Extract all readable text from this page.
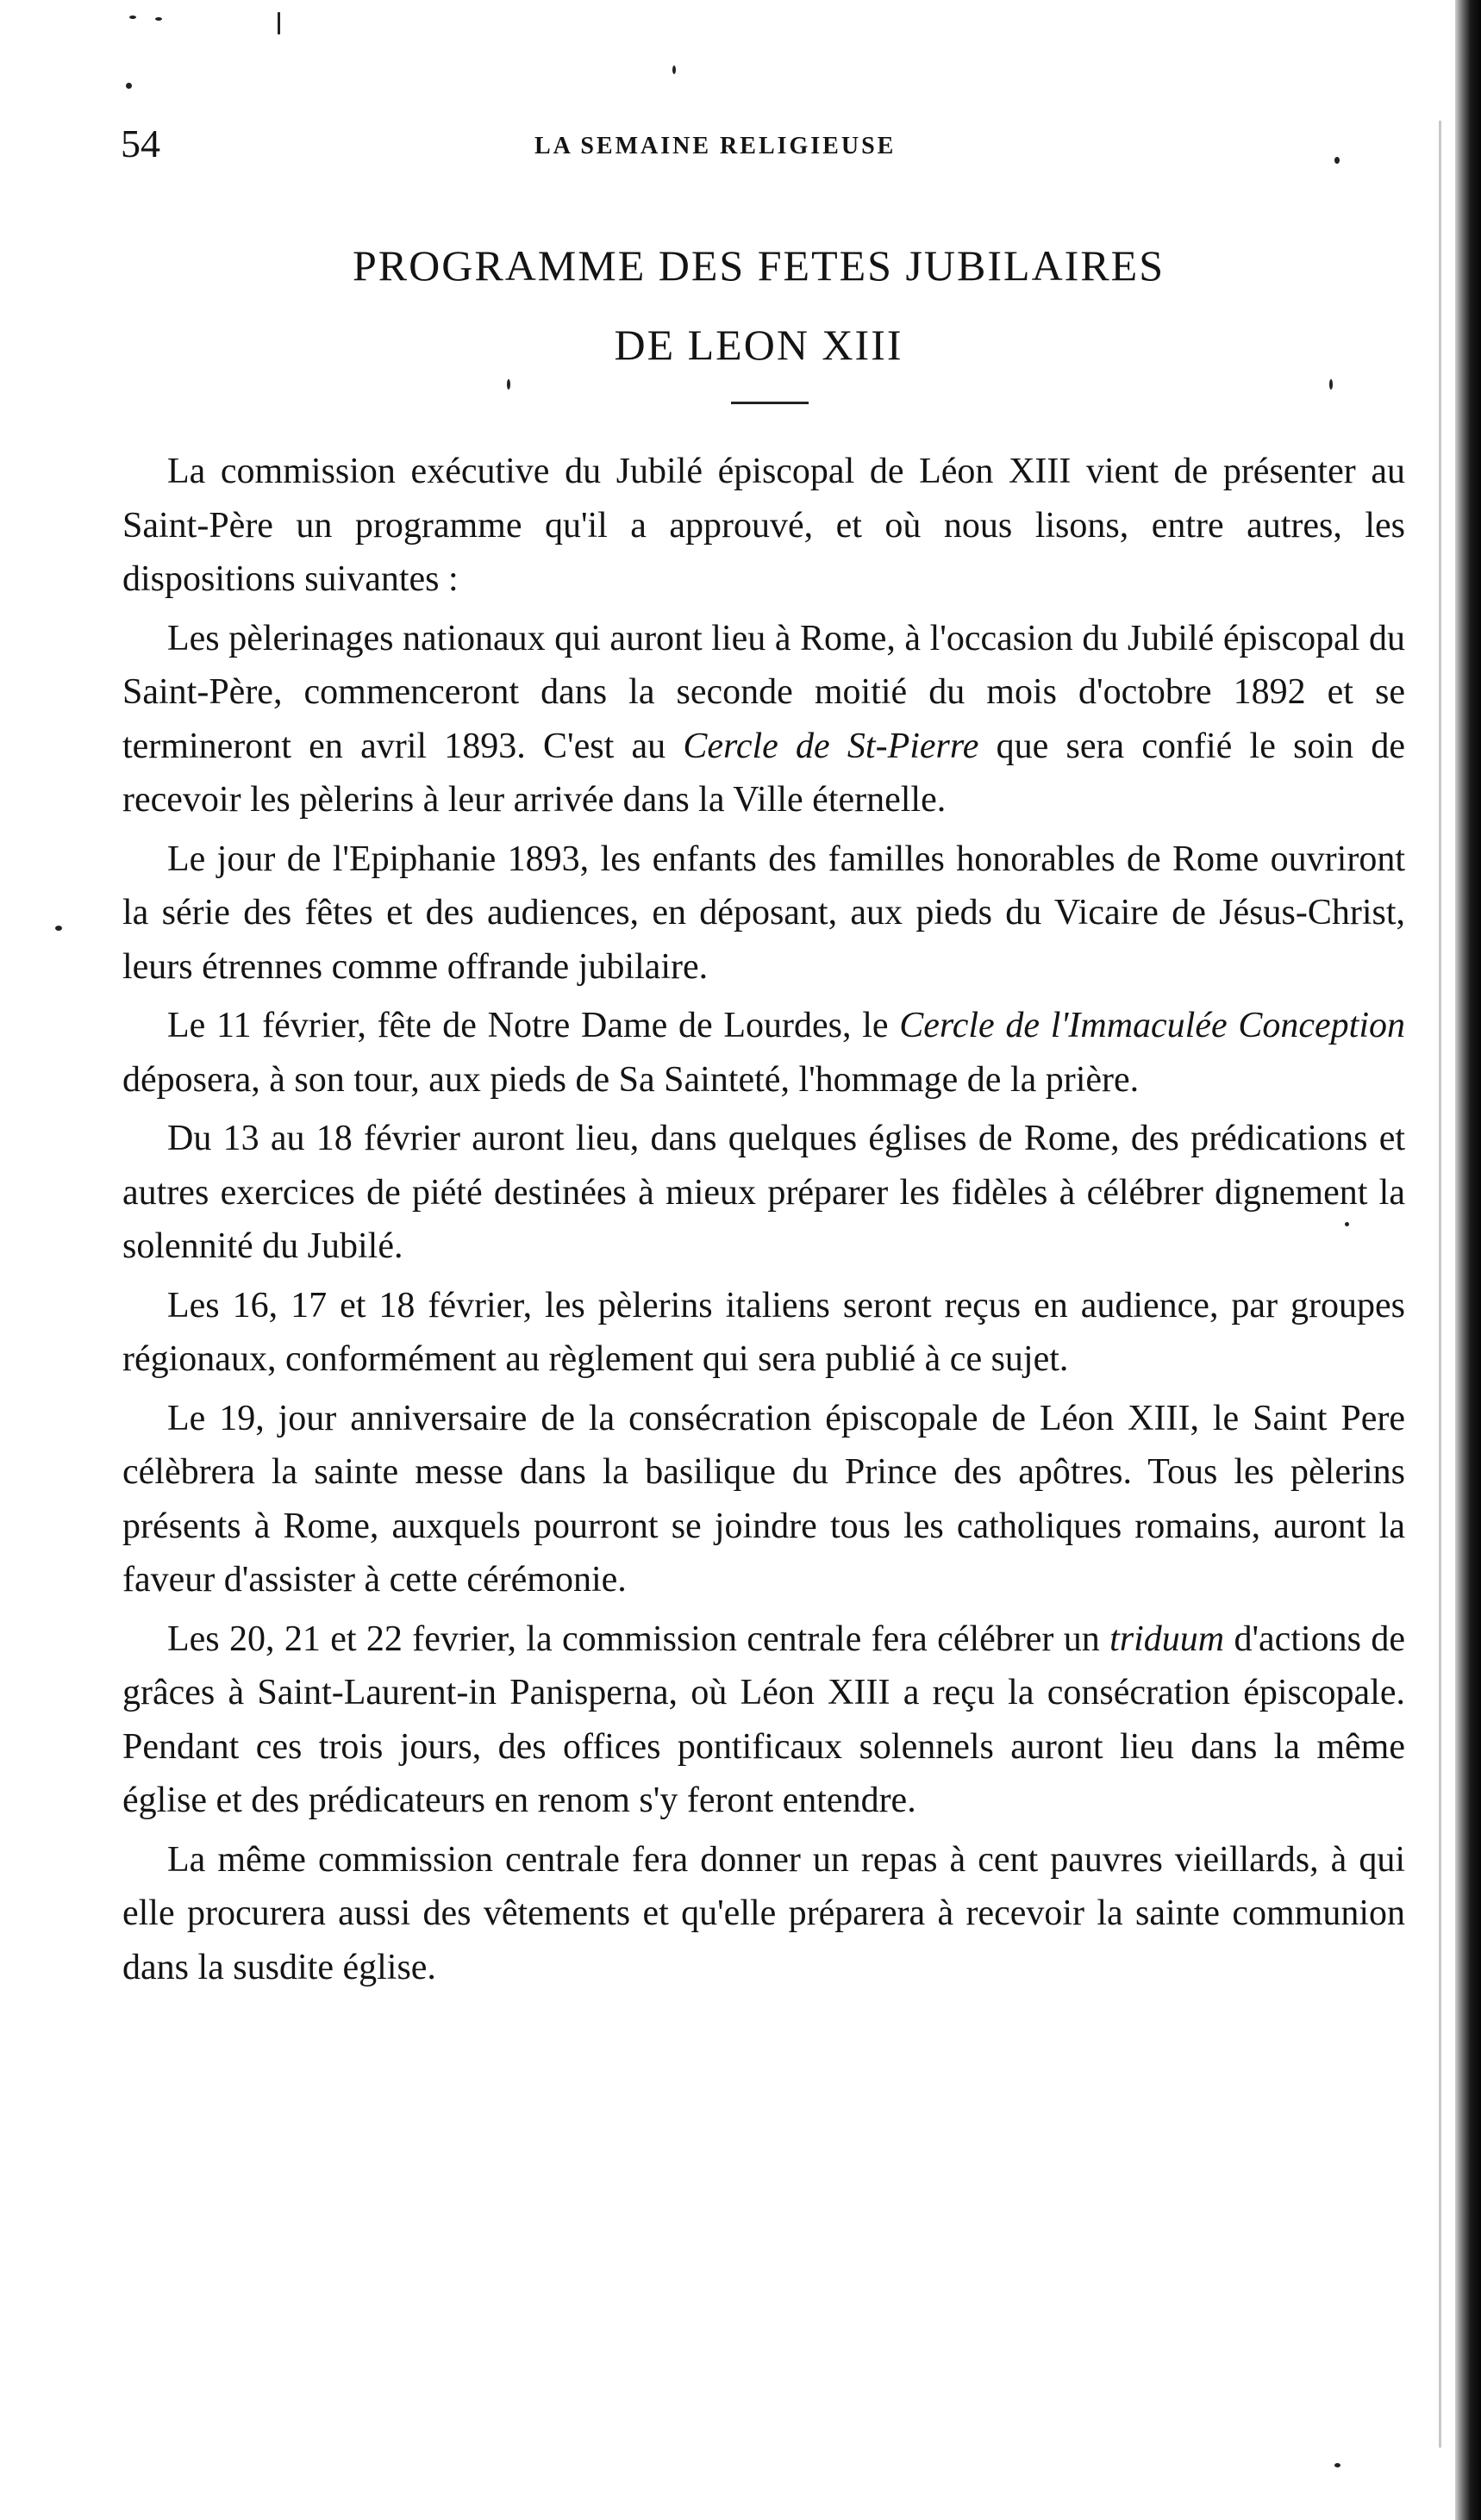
54	LA SEMAINE RELIGIEUSE
PROGRAMME DES FETES JUBILAIRES
DE LEON XIII

La commission exécutive du Jubilé épiscopal de Léon XIII vient de présenter au Saint-Père un programme qu'il a approuvé, et où nous lisons, entre autres, les dispositions suivantes :

Les pèlerinages nationaux qui auront lieu à Rome, à l'occasion du Jubilé épiscopal du Saint-Père, commenceront dans la seconde moitié du mois d'octobre 1892 et se termineront en avril 1893. C'est au Cercle de St-Pierre que sera confié le soin de recevoir les pèlerins à leur arrivée dans la Ville éternelle.

Le jour de l'Epiphanie 1893, les enfants des familles honorables de Rome ouvriront la série des fêtes et des audiences, en déposant, aux pieds du Vicaire de Jésus-Christ, leurs étrennes comme offrande jubilaire.

Le 11 février, fête de Notre Dame de Lourdes, le Cercle de l'Immaculée Conception déposera, à son tour, aux pieds de Sa Sainteté, l'hommage de la prière.

Du 13 au 18 février auront lieu, dans quelques églises de Rome, des prédications et autres exercices de piété destinées à mieux préparer les fidèles à célébrer dignement la solennité du Jubilé.

Les 16, 17 et 18 février, les pèlerins italiens seront reçus en audience, par groupes régionaux, conformément au règlement qui sera publié à ce sujet.

Le 19, jour anniversaire de la consécration épiscopale de Léon XIII, le Saint Pere célèbrera la sainte messe dans la basilique du Prince des apôtres. Tous les pèlerins présents à Rome, auxquels pourront se joindre tous les catholiques romains, auront la faveur d'assister à cette cérémonie.

Les 20, 21 et 22 fevrier, la commission centrale fera célébrer un triduum d'actions de grâces à Saint-Laurent-in Panisperna, où Léon XIII a reçu la consécration épiscopale. Pendant ces trois jours, des offices pontificaux solennels auront lieu dans la même église et des prédicateurs en renom s'y feront entendre.

La même commission centrale fera donner un repas à cent pauvres vieillards, à qui elle procurera aussi des vêtements et qu'elle préparera à recevoir la sainte communion dans la susdite église.
